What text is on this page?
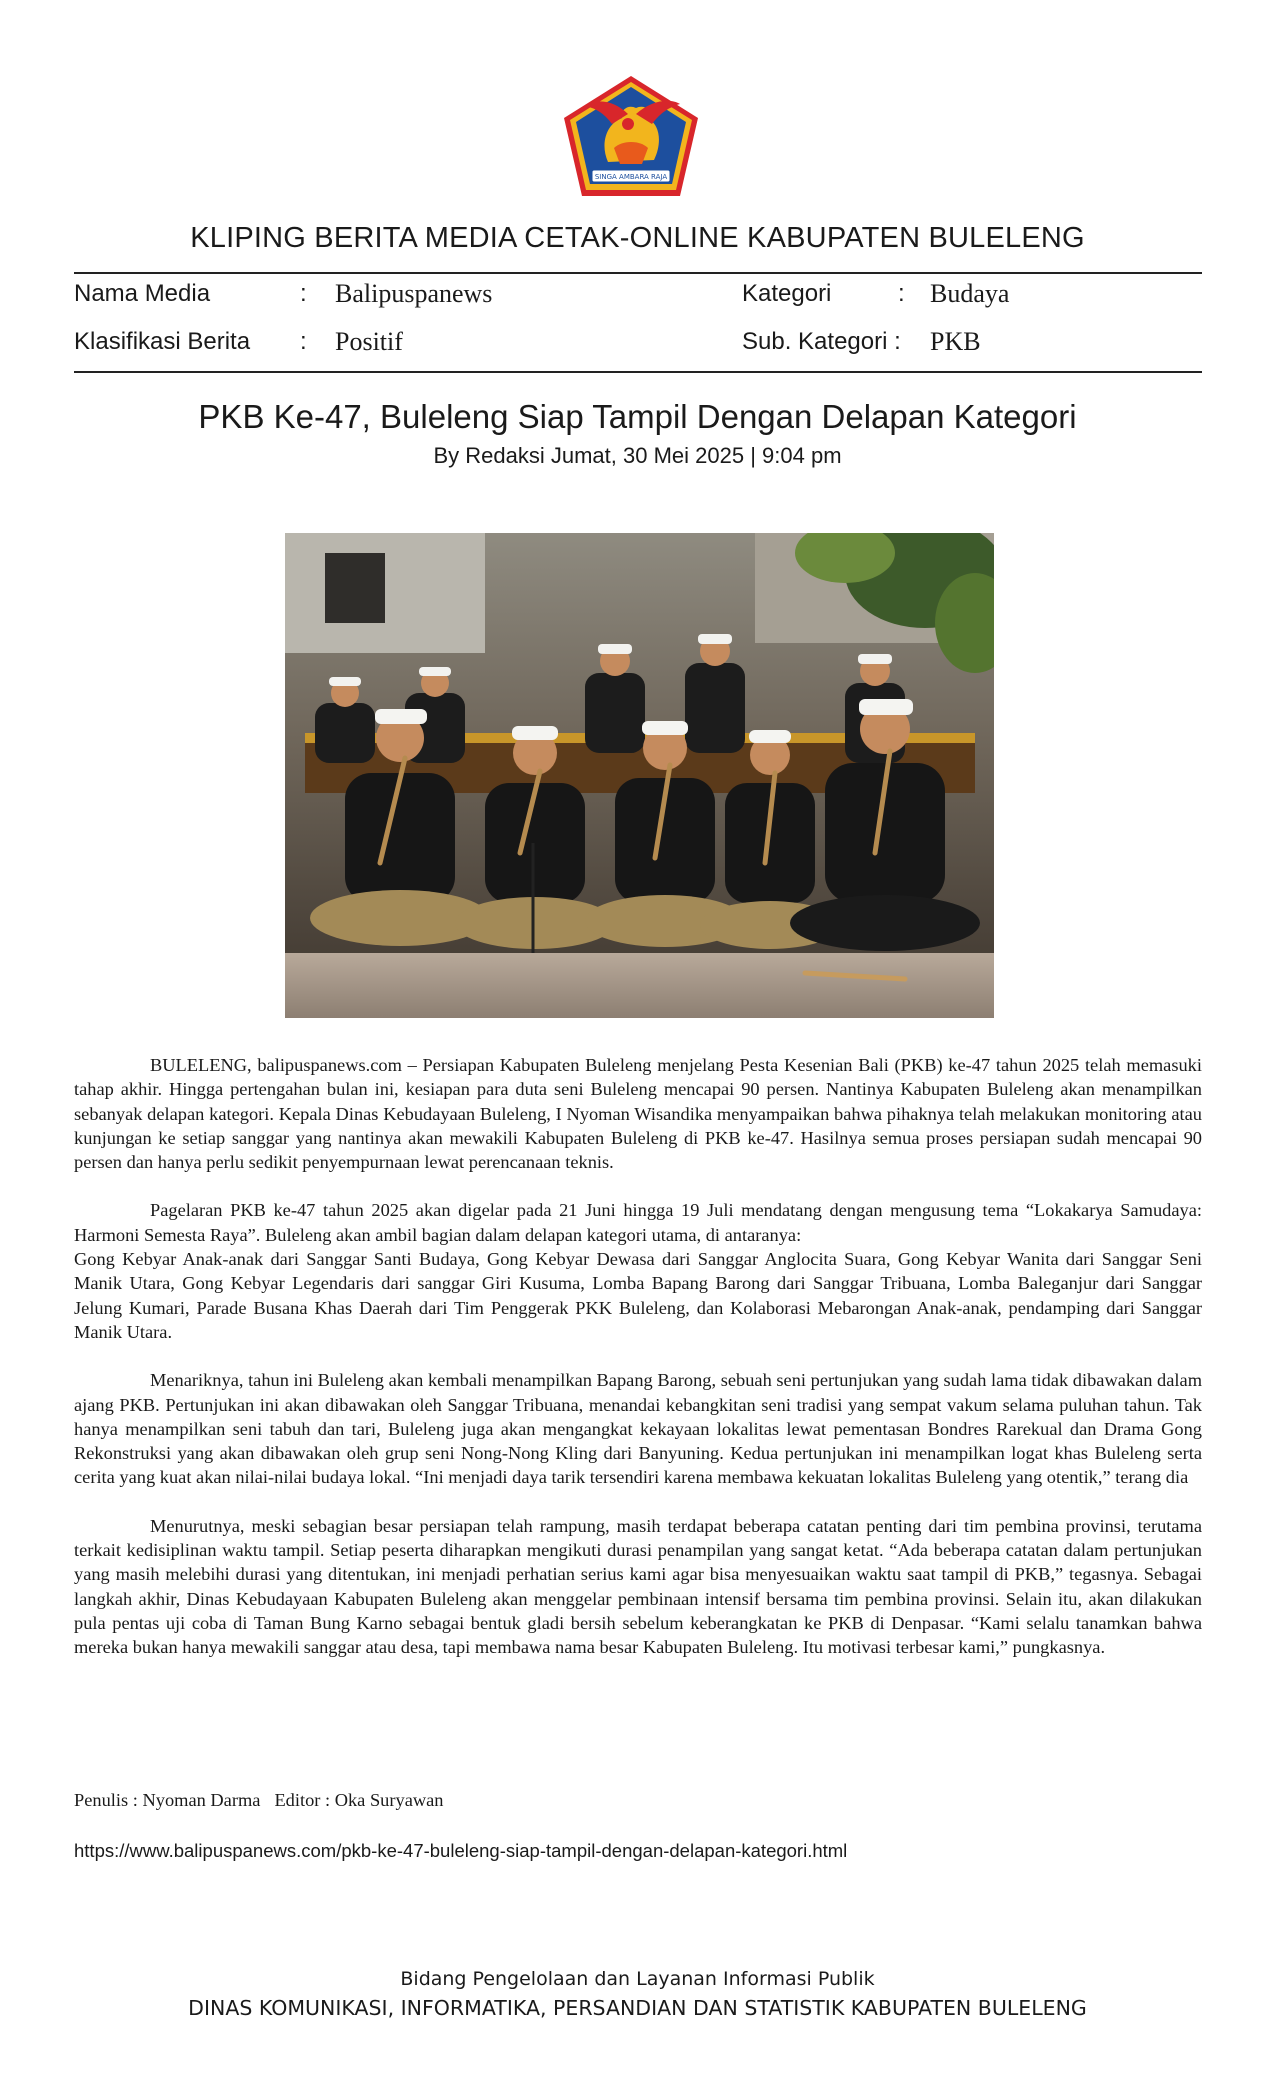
SINGA AMBARA RAJA
KLIPING BERITA MEDIA CETAK-ONLINE KABUPATEN BULELENG
Nama Media	: Balipuspanews	Kategori	: Budaya
Klasifikasi Berita : Positif	Sub. Kategori : PKB
PKB Ke-47, Buleleng Siap Tampil Dengan Delapan Kategori
By Redaksi Jumat, 30 Mei 2025 | 9:04 pm

BULELENG, balipuspanews.com – Persiapan Kabupaten Buleleng menjelang Pesta Kesenian Bali (PKB) ke-47 tahun 2025 telah memasuki tahap akhir. Hingga pertengahan bulan ini, kesiapan para duta seni Buleleng mencapai 90 persen. Nantinya Kabupaten Buleleng akan menampilkan sebanyak delapan kategori. Kepala Dinas Kebudayaan Buleleng, I Nyoman Wisandika menyampaikan bahwa pihaknya telah melakukan monitoring atau kunjungan ke setiap sanggar yang nantinya akan mewakili Kabupaten Buleleng di PKB ke-47. Hasilnya semua proses persiapan sudah mencapai 90 persen dan hanya perlu sedikit penyempurnaan lewat perencanaan teknis.

Pagelaran PKB ke-47 tahun 2025 akan digelar pada 21 Juni hingga 19 Juli mendatang dengan mengusung tema “Lokakarya Samudaya: Harmoni Semesta Raya”. Buleleng akan ambil bagian dalam delapan kategori utama, di antaranya:

Gong Kebyar Anak-anak dari Sanggar Santi Budaya, Gong Kebyar Dewasa dari Sanggar Anglocita Suara, Gong Kebyar Wanita dari Sanggar Seni Manik Utara, Gong Kebyar Legendaris dari sanggar Giri Kusuma, Lomba Bapang Barong dari Sanggar Tribuana, Lomba Baleganjur dari Sanggar Jelung Kumari, Parade Busana Khas Daerah dari Tim Penggerak PKK Buleleng, dan Kolaborasi Mebarongan Anak-anak, pendamping dari Sanggar Manik Utara.

Menariknya, tahun ini Buleleng akan kembali menampilkan Bapang Barong, sebuah seni pertunjukan yang sudah lama tidak dibawakan dalam ajang PKB. Pertunjukan ini akan dibawakan oleh Sanggar Tribuana, menandai kebangkitan seni tradisi yang sempat vakum selama puluhan tahun. Tak hanya menampilkan seni tabuh dan tari, Buleleng juga akan mengangkat kekayaan lokalitas lewat pementasan Bondres Rarekual dan Drama Gong Rekonstruksi yang akan dibawakan oleh grup seni Nong-Nong Kling dari Banyuning. Kedua pertunjukan ini menampilkan logat khas Buleleng serta cerita yang kuat akan nilai-nilai budaya lokal. “Ini menjadi daya tarik tersendiri karena membawa kekuatan lokalitas Buleleng yang otentik,” terang dia

Menurutnya, meski sebagian besar persiapan telah rampung, masih terdapat beberapa catatan penting dari tim pembina provinsi, terutama terkait kedisiplinan waktu tampil. Setiap peserta diharapkan mengikuti durasi penampilan yang sangat ketat. “Ada beberapa catatan dalam pertunjukan yang masih melebihi durasi yang ditentukan, ini menjadi perhatian serius kami agar bisa menyesuaikan waktu saat tampil di PKB,” tegasnya. Sebagai langkah akhir, Dinas Kebudayaan Kabupaten Buleleng akan menggelar pembinaan intensif bersama tim pembina provinsi. Selain itu, akan dilakukan pula pentas uji coba di Taman Bung Karno sebagai bentuk gladi bersih sebelum keberangkatan ke PKB di Denpasar. “Kami selalu tanamkan bahwa mereka bukan hanya mewakili sanggar atau desa, tapi membawa nama besar Kabupaten Buleleng. Itu motivasi terbesar kami,” pungkasnya.

Penulis : Nyoman Darma Editor : Oka Suryawan
https://www.balipuspanews.com/pkb-ke-47-buleleng-siap-tampil-dengan-delapan-kategori.html
Bidang Pengelolaan dan Layanan Informasi Publik
DINAS KOMUNIKASI, INFORMATIKA, PERSANDIAN DAN STATISTIK KABUPATEN BULELENG
